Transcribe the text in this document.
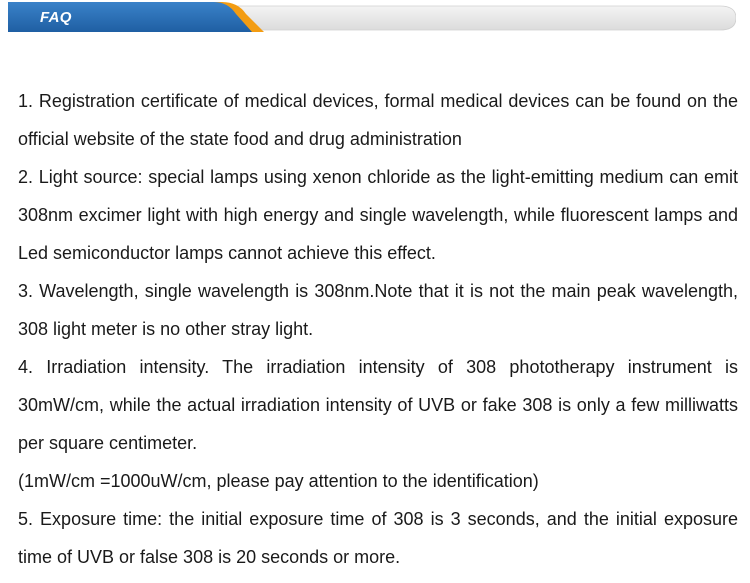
FAQ

1. Registration certificate of medical devices, formal medical devices can be found on the official website of the state food and drug administration

2. Light source: special lamps using xenon chloride as the light-emitting medium can emit 308nm excimer light with high energy and single wavelength, while fluorescent lamps and Led semiconductor lamps cannot achieve this effect.

3. Wavelength, single wavelength is 308nm.Note that it is not the main peak wavelength, 308 light meter is no other stray light.

4. Irradiation intensity. The irradiation intensity of 308 phototherapy instrument is 30mW/cm, while the actual irradiation intensity of UVB or fake 308 is only a few milliwatts per square centimeter.

(1mW/cm =1000uW/cm, please pay attention to the identification)

5. Exposure time: the initial exposure time of 308 is 3 seconds, and the initial exposure time of UVB or false 308 is 20 seconds or more.
